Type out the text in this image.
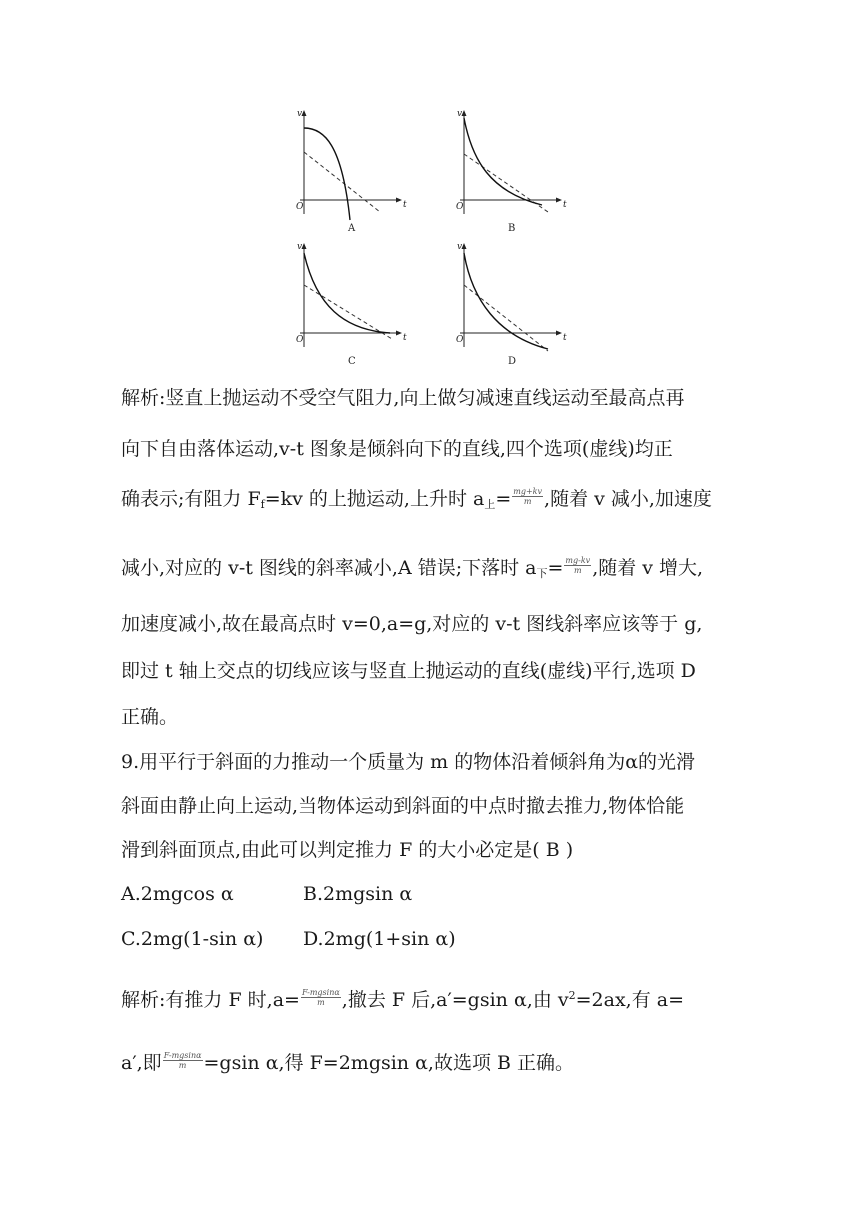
v
t
O
A
v
t
O
B
v
t
O
C
v
t
O
D
解析:竖直上抛运动不受空气阻力,向上做匀减速直线运动至最高点再
向下自由落体运动,v-t 图象是倾斜向下的直线,四个选项(虚线)均正
确表示;有阻力 $F_f=kv$ 的上抛运动,上升时 $a_上= \frac{mg+kv}{m}$ ,随着 v 减小,加速度
减小,对应的 v-t 图线的斜率减小,A 错误;下落时 $a_下= \frac{mg-kv}{m}$ ,随着 v 增大,
加速度减小,故在最高点时 v=0,a=g,对应的 v-t 图线斜率应该等于 g,
即过 t 轴上交点的切线应该与竖直上抛运动的直线(虚线)平行,选项 D
正确。
9.用平行于斜面的力推动一个质量为 m 的物体沿着倾斜角为α的光滑
斜面由静止向上运动,当物体运动到斜面的中点时撤去推力,物体恰能
滑到斜面顶点,由此可以判定推力 F 的大小必定是( B )
A.2mgcos α	B.2mgsin α
C.2mg(1-sin α) D.2mg(1+sin α)
解析:有推力 F 时$,a= \frac{F-mgsin\alpha}{m}$ ,撤去 F 后,a′=gsin α,由 $v^2=2ax$,有 a=
a′,即 $\frac{F-mgsin\alpha}{m} =gsin$ α,得 F=2mgsin α,故选项 B 正确。
